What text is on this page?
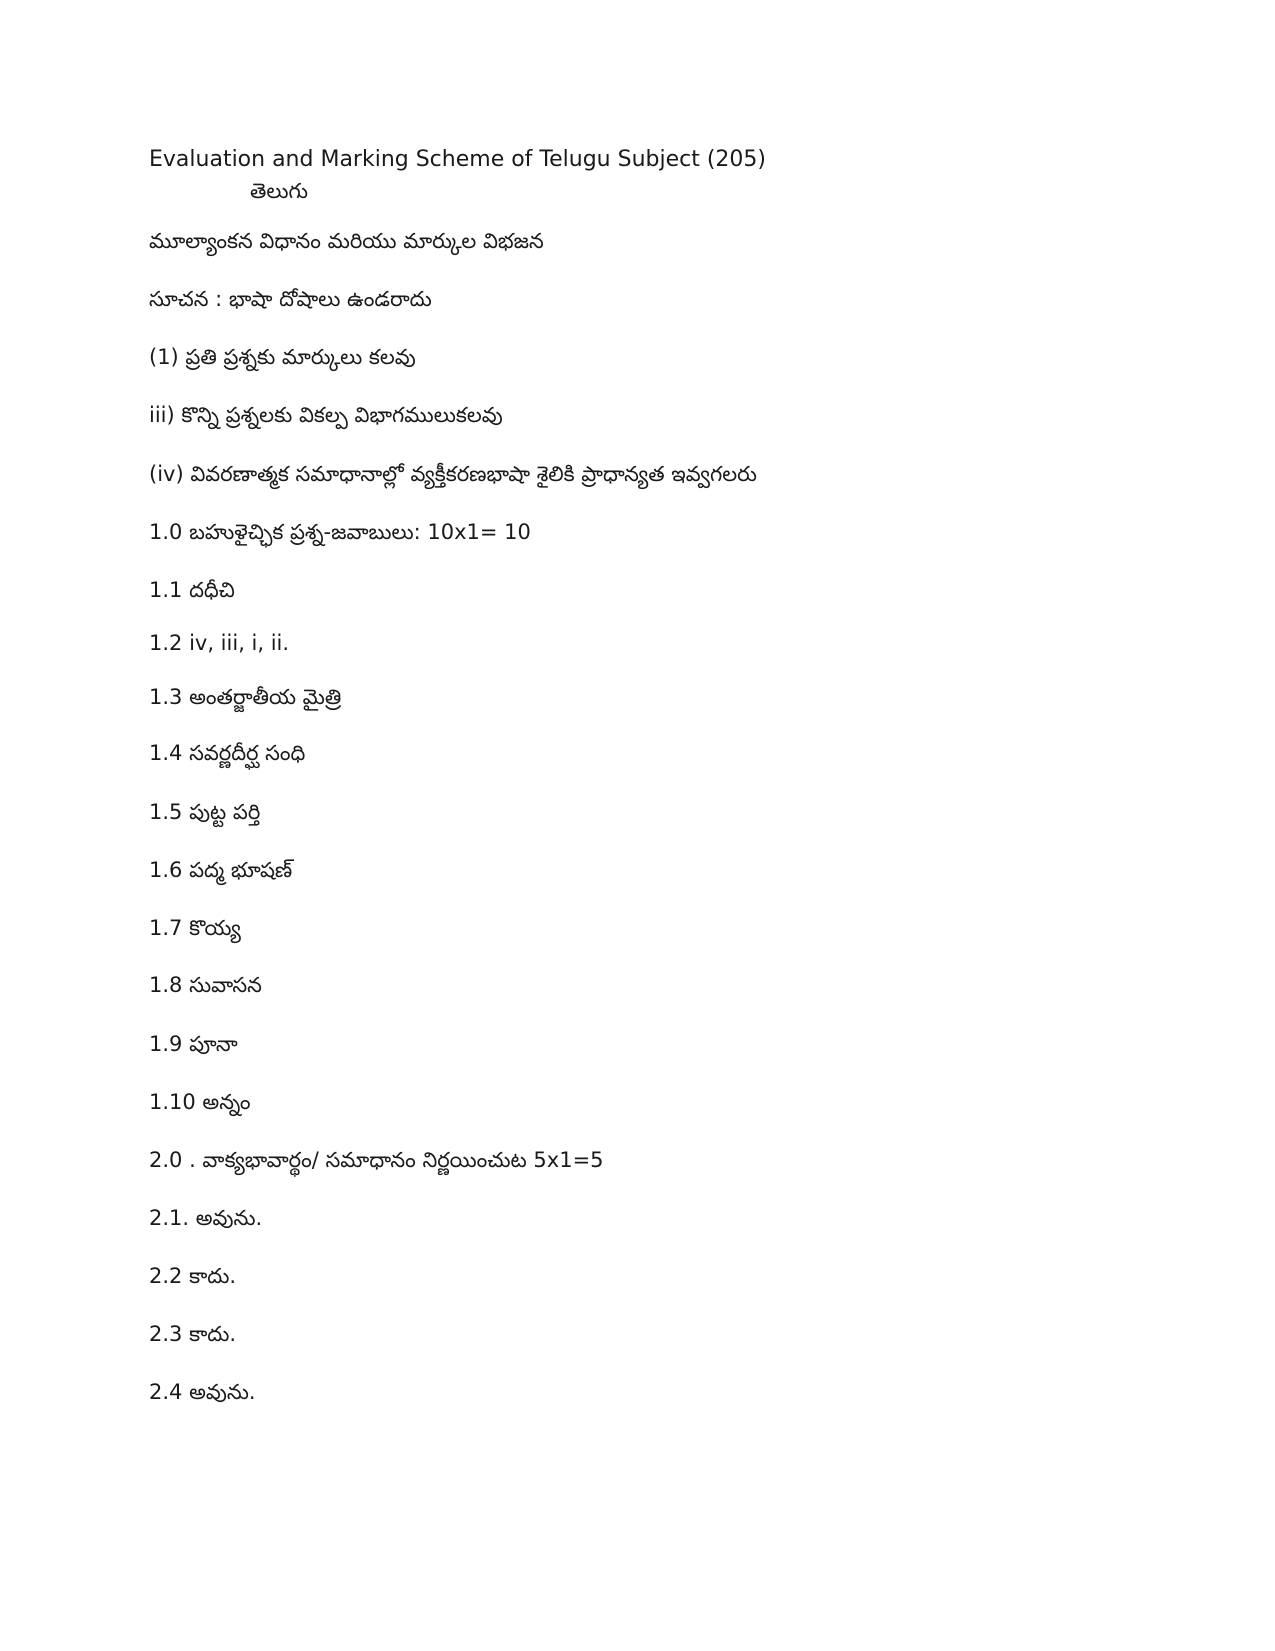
Evaluation and Marking Scheme of Telugu Subject (205)
తెలుగు
మూల్యాంకన విధానం మరియు మార్కుల విభజన
సూచన : భాషా దోషాలు ఉండరాదు
(1) ప్రతి ప్రశ్నకు మార్కులు కలవు
iii) కొన్ని ప్రశ్నలకు వికల్ప విభాగములుకలవు
(iv) వివరణాత్మక సమాధానాల్లో వ్యక్తీకరణభాషా శైలికి ప్రాధాన్యత ఇవ్వగలరు
1.0 బహుళైచ్ఛిక ప్రశ్న-జవాబులు: 10x1= 10
1.1 దధీచి
1.2 iv, iii, i, ii.
1.3 అంతర్జాతీయ మైత్రి
1.4 సవర్ణదీర్ఘ సంధి
1.5 పుట్ట పర్తి
1.6 పద్మ భూషణ్
1.7 కొయ్య
1.8 సువాసన
1.9 పూనా
1.10 అన్నం
2.0 . వాక్యభావార్థం/ సమాధానం నిర్ణయించుట 5x1=5
2.1. అవును.
2.2 కాదు.
2.3 కాదు.
2.4 అవును.
